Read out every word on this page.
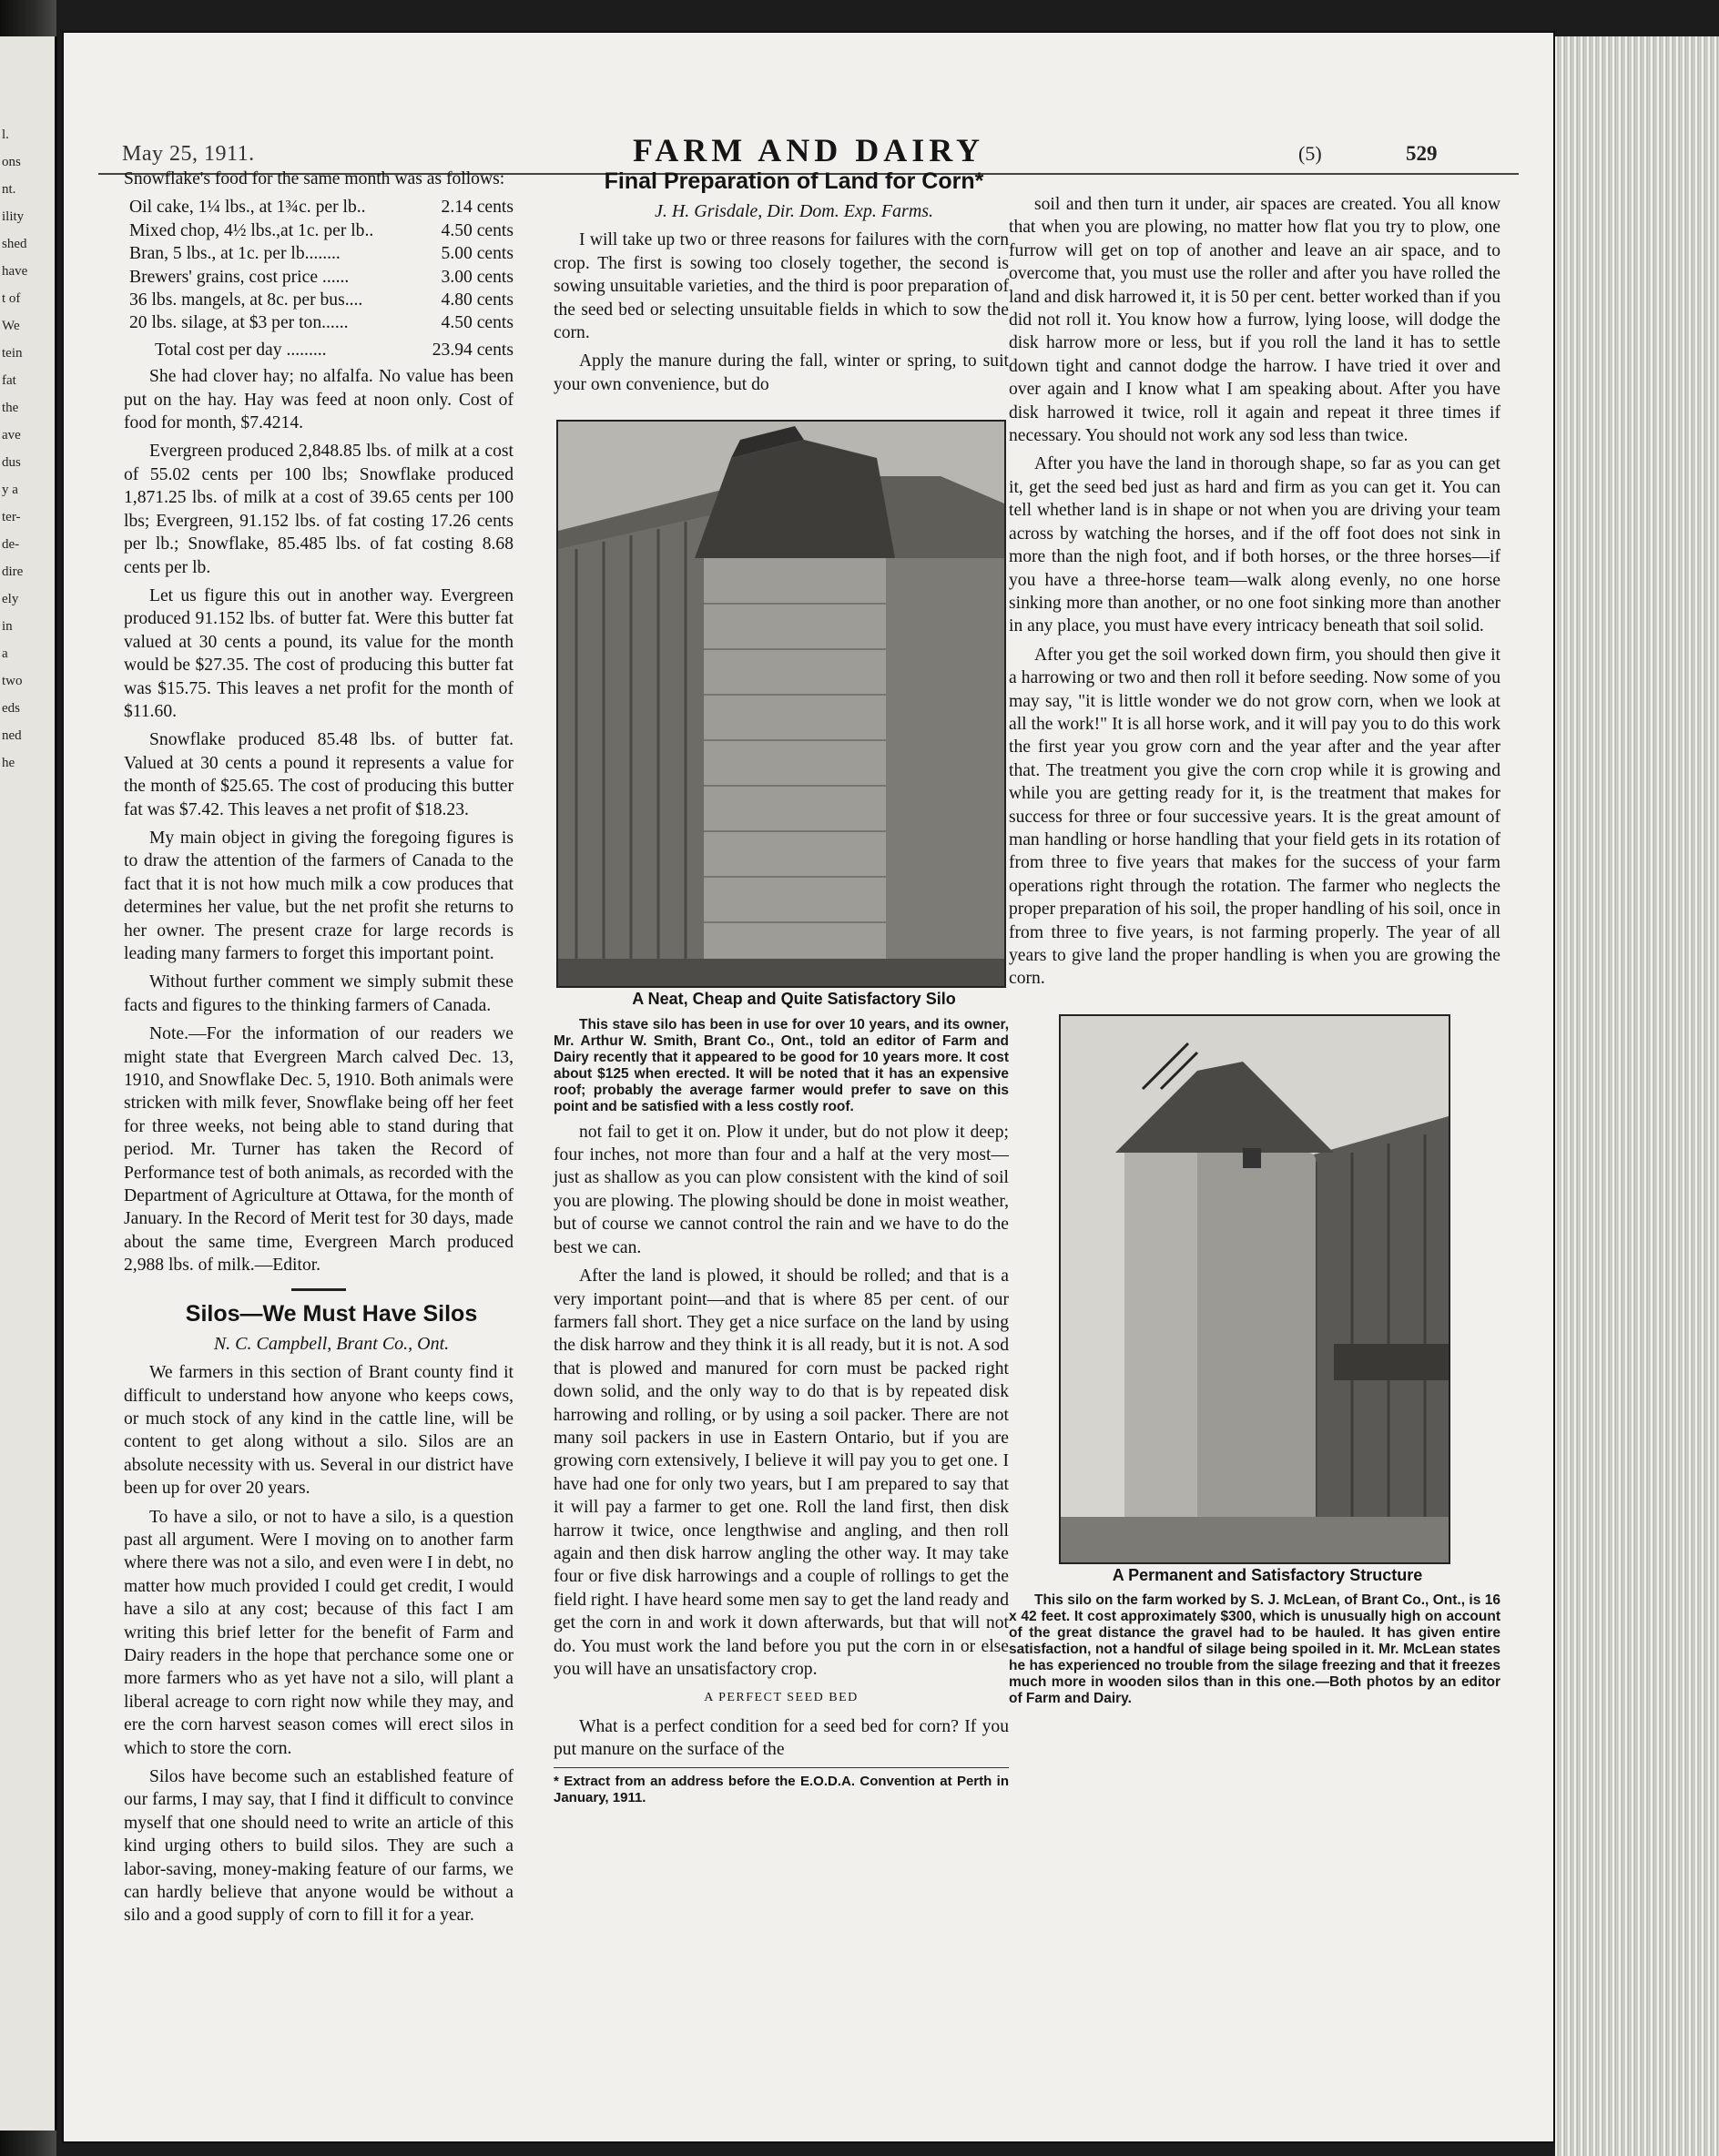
l.
ons
nt.
ility
shed
have
t of
We
tein
fat
the
ave
dus
y a
ter-
de-
dire
ely
in
a
two
eds
ned
he
May 25, 1911.	FARM AND DAIRY	(5)	529

Snowflake's food for the same month was as follows:

Oil cake, 1¼ lbs., at 1¾c. per lb..	2.14 cents
Mixed chop, 4½ lbs.,at 1c. per lb..	4.50 cents
Bran, 5 lbs., at 1c. per lb........	5.00 cents
Brewers' grains, cost price ......	3.00 cents
36 lbs. mangels, at 8c. per bus....	4.80 cents
20 lbs. silage, at $3 per ton......	4.50 cents
Total cost per day .........	23.94 cents

She had clover hay; no alfalfa. No value has been put on the hay. Hay was feed at noon only. Cost of food for month, $7.4214.

Evergreen produced 2,848.85 lbs. of milk at a cost of 55.02 cents per 100 lbs; Snowflake produced 1,871.25 lbs. of milk at a cost of 39.65 cents per 100 lbs; Evergreen, 91.152 lbs. of fat costing 17.26 cents per lb.; Snowflake, 85.485 lbs. of fat costing 8.68 cents per lb.

Let us figure this out in another way. Evergreen produced 91.152 lbs. of butter fat. Were this butter fat valued at 30 cents a pound, its value for the month would be $27.35. The cost of producing this butter fat was $15.75. This leaves a net profit for the month of $11.60.

Snowflake produced 85.48 lbs. of butter fat. Valued at 30 cents a pound it represents a value for the month of $25.65. The cost of producing this butter fat was $7.42. This leaves a net profit of $18.23.

My main object in giving the foregoing figures is to draw the attention of the farmers of Canada to the fact that it is not how much milk a cow produces that determines her value, but the net profit she returns to her owner. The present craze for large records is leading many farmers to forget this important point.

Without further comment we simply submit these facts and figures to the thinking farmers of Canada.

Note.—For the information of our readers we might state that Evergreen March calved Dec. 13, 1910, and Snowflake Dec. 5, 1910. Both animals were stricken with milk fever, Snowflake being off her feet for three weeks, not being able to stand during that period. Mr. Turner has taken the Record of Performance test of both animals, as recorded with the Department of Agriculture at Ottawa, for the month of January. In the Record of Merit test for 30 days, made about the same time, Evergreen March produced 2,988 lbs. of milk.—Editor.

Silos—We Must Have Silos

N. C. Campbell, Brant Co., Ont.

We farmers in this section of Brant county find it difficult to understand how anyone who keeps cows, or much stock of any kind in the cattle line, will be content to get along without a silo. Silos are an absolute necessity with us. Several in our district have been up for over 20 years.

To have a silo, or not to have a silo, is a question past all argument. Were I moving on to another farm where there was not a silo, and even were I in debt, no matter how much provided I could get credit, I would have a silo at any cost; because of this fact I am writing this brief letter for the benefit of Farm and Dairy readers in the hope that perchance some one or more farmers who as yet have not a silo, will plant a liberal acreage to corn right now while they may, and ere the corn harvest season comes will erect silos in which to store the corn.

Silos have become such an established feature of our farms, I may say, that I find it difficult to convince myself that one should need to write an article of this kind urging others to build silos. They are such a labor-saving, money-making feature of our farms, we can hardly believe that anyone would be without a silo and a good supply of corn to fill it for a year.

Final Preparation of Land for Corn*

J. H. Grisdale, Dir. Dom. Exp. Farms.

I will take up two or three reasons for failures with the corn crop. The first is sowing too closely together, the second is sowing unsuitable varieties, and the third is poor preparation of the seed bed or selecting unsuitable fields in which to sow the corn.

Apply the manure during the fall, winter or spring, to suit your own convenience, but do

A Neat, Cheap and Quite Satisfactory Silo

This stave silo has been in use for over 10 years, and its owner, Mr. Arthur W. Smith, Brant Co., Ont., told an editor of Farm and Dairy recently that it appeared to be good for 10 years more. It cost about $125 when erected. It will be noted that it has an expensive roof; probably the average farmer would prefer to save on this point and be satisfied with a less costly roof.

not fail to get it on. Plow it under, but do not plow it deep; four inches, not more than four and a half at the very most—just as shallow as you can plow consistent with the kind of soil you are plowing. The plowing should be done in moist weather, but of course we cannot control the rain and we have to do the best we can.

After the land is plowed, it should be rolled; and that is a very important point—and that is where 85 per cent. of our farmers fall short. They get a nice surface on the land by using the disk harrow and they think it is all ready, but it is not. A sod that is plowed and manured for corn must be packed right down solid, and the only way to do that is by repeated disk harrowing and rolling, or by using a soil packer. There are not many soil packers in use in Eastern Ontario, but if you are growing corn extensively, I believe it will pay you to get one. I have had one for only two years, but I am prepared to say that it will pay a farmer to get one. Roll the land first, then disk harrow it twice, once lengthwise and angling, and then roll again and then disk harrow angling the other way. It may take four or five disk harrowings and a couple of rollings to get the field right. I have heard some men say to get the land ready and get the corn in and work it down afterwards, but that will not do. You must work the land before you put the corn in or else you will have an unsatisfactory crop.

A PERFECT SEED BED

What is a perfect condition for a seed bed for corn? If you put manure on the surface of the

* Extract from an address before the E.O.D.A. Convention at Perth in January, 1911.

soil and then turn it under, air spaces are created. You all know that when you are plowing, no matter how flat you try to plow, one furrow will get on top of another and leave an air space, and to overcome that, you must use the roller and after you have rolled the land and disk harrowed it, it is 50 per cent. better worked than if you did not roll it. You know how a furrow, lying loose, will dodge the disk harrow more or less, but if you roll the land it has to settle down tight and cannot dodge the harrow. I have tried it over and over again and I know what I am speaking about. After you have disk harrowed it twice, roll it again and repeat it three times if necessary. You should not work any sod less than twice.

After you have the land in thorough shape, so far as you can get it, get the seed bed just as hard and firm as you can get it. You can tell whether land is in shape or not when you are driving your team across by watching the horses, and if the off foot does not sink in more than the nigh foot, and if both horses, or the three horses—if you have a three-horse team—walk along evenly, no one horse sinking more than another, or no one foot sinking more than another in any place, you must have every intricacy beneath that soil solid.

After you get the soil worked down firm, you should then give it a harrowing or two and then roll it before seeding. Now some of you may say, "it is little wonder we do not grow corn, when we look at all the work!" It is all horse work, and it will pay you to do this work the first year you grow corn and the year after and the year after that. The treatment you give the corn crop while it is growing and while you are getting ready for it, is the treatment that makes for success for three or four successive years. It is the great amount of man handling or horse handling that your field gets in its rotation of from three to five years that makes for the success of your farm operations right through the rotation. The farmer who neglects the proper preparation of his soil, the proper handling of his soil, once in from three to five years, is not farming properly. The year of all years to give land the proper handling is when you are growing the corn.

A Permanent and Satisfactory Structure

This silo on the farm worked by S. J. McLean, of Brant Co., Ont., is 16 x 42 feet. It cost approximately $300, which is unusually high on account of the great distance the gravel had to be hauled. It has given entire satisfaction, not a handful of silage being spoiled in it. Mr. McLean states he has experienced no trouble from the silage freezing and that it freezes much more in wooden silos than in this one.—Both photos by an editor of Farm and Dairy.
